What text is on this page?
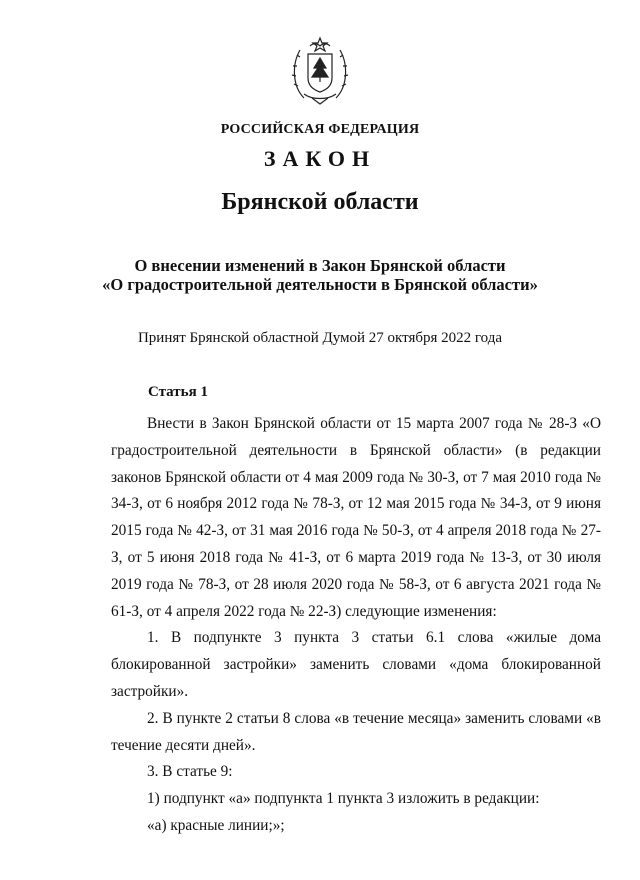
РОССИЙСКАЯ ФЕДЕРАЦИЯ
ЗАКОН
Брянской области
О внесении изменений в Закон Брянской области
«О градостроительной деятельности в Брянской области»
Принят Брянской областной Думой 27 октября 2022 года
Статья 1

Внести в Закон Брянской области от 15 марта 2007 года № 28-З «О градостроительной деятельности в Брянской области» (в редакции законов Брянской области от 4 мая 2009 года № 30-З, от 7 мая 2010 года № 34-З, от 6 ноября 2012 года № 78-З, от 12 мая 2015 года № 34-З, от 9 июня 2015 года № 42-З, от 31 мая 2016 года № 50-З, от 4 апреля 2018 года № 27-З, от 5 июня 2018 года № 41-З, от 6 марта 2019 года № 13-З, от 30 июля 2019 года № 78-З, от 28 июля 2020 года № 58-З, от 6 августа 2021 года № 61-З, от 4 апреля 2022 года № 22-З) следующие изменения:

1. В подпункте 3 пункта 3 статьи 6.1 слова «жилые дома блокированной застройки» заменить словами «дома блокированной застройки».

2. В пункте 2 статьи 8 слова «в течение месяца» заменить словами «в течение десяти дней».

3. В статье 9:

1) подпункт «а» подпункта 1 пункта 3 изложить в редакции:

«а) красные линии;»;
